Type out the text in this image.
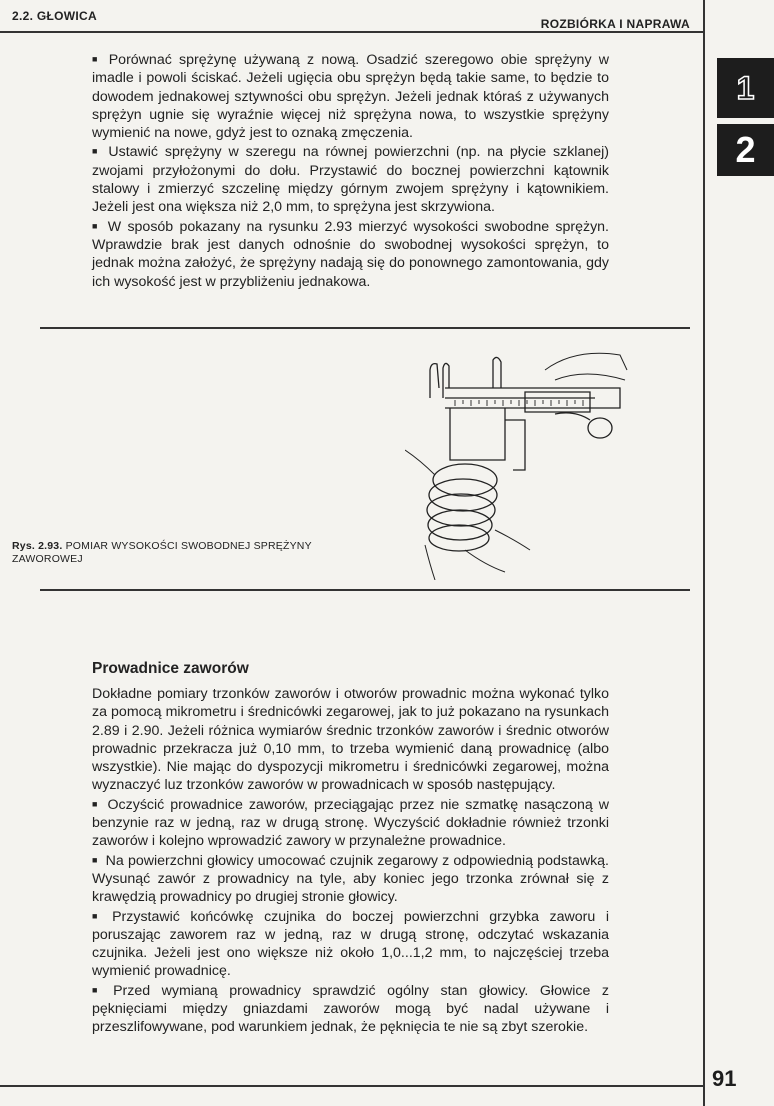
2.2. GŁOWICA
ROZBIÓRKA I NAPRAWA
1
2

■ Porównać sprężynę używaną z nową. Osadzić szeregowo obie sprężyny w imadle i powoli ściskać. Jeżeli ugięcia obu sprężyn będą takie same, to będzie to dowodem jednakowej sztywności obu sprężyn. Jeżeli jednak któraś z używanych sprężyn ugnie się wyraźnie więcej niż sprężyna nowa, to wszystkie sprężyny wymienić na nowe, gdyż jest to oznaką zmęczenia.

■ Ustawić sprężyny w szeregu na równej powierzchni (np. na płycie szklanej) zwojami przyłożonymi do dołu. Przystawić do bocznej powierzchni kątownik stalowy i zmierzyć szczelinę między górnym zwojem sprężyny i kątownikiem. Jeżeli jest ona większa niż 2,0 mm, to sprężyna jest skrzywiona.

■ W sposób pokazany na rysunku 2.93 mierzyć wysokości swobodne sprężyn. Wprawdzie brak jest danych odnośnie do swobodnej wysokości sprężyn, to jednak można założyć, że sprężyny nadają się do ponownego zamontowania, gdy ich wysokość jest w przybliżeniu jednakowa.

Rys. 2.93. POMIAR WYSOKOŚCI SWOBODNEJ SPRĘŻYNY ZAWOROWEJ
Prowadnice zaworów

Dokładne pomiary trzonków zaworów i otworów prowadnic można wykonać tylko za pomocą mikrometru i średnicówki zegarowej, jak to już pokazano na rysunkach 2.89 i 2.90. Jeżeli różnica wymiarów średnic trzonków zaworów i średnic otworów prowadnic przekracza już 0,10 mm, to trzeba wymienić daną prowadnicę (albo wszystkie). Nie mając do dyspozycji mikrometru i średnicówki zegarowej, można wyznaczyć luz trzonków zaworów w prowadnicach w sposób następujący.

■ Oczyścić prowadnice zaworów, przeciągając przez nie szmatkę nasączoną w benzynie raz w jedną, raz w drugą stronę. Wyczyścić dokładnie również trzonki zaworów i kolejno wprowadzić zawory w przynależne prowadnice.

■ Na powierzchni głowicy umocować czujnik zegarowy z odpowiednią podstawką. Wysunąć zawór z prowadnicy na tyle, aby koniec jego trzonka zrównał się z krawędzią prowadnicy po drugiej stronie głowicy.

■ Przystawić końcówkę czujnika do boczej powierzchni grzybka zaworu i poruszając zaworem raz w jedną, raz w drugą stronę, odczytać wskazania czujnika. Jeżeli jest ono większe niż około 1,0...1,2 mm, to najczęściej trzeba wymienić prowadnicę.

■ Przed wymianą prowadnicy sprawdzić ogólny stan głowicy. Głowice z pęknięciami między gniazdami zaworów mogą być nadal używane i przeszlifowywane, pod warunkiem jednak, że pęknięcia te nie są zbyt szerokie.

91
